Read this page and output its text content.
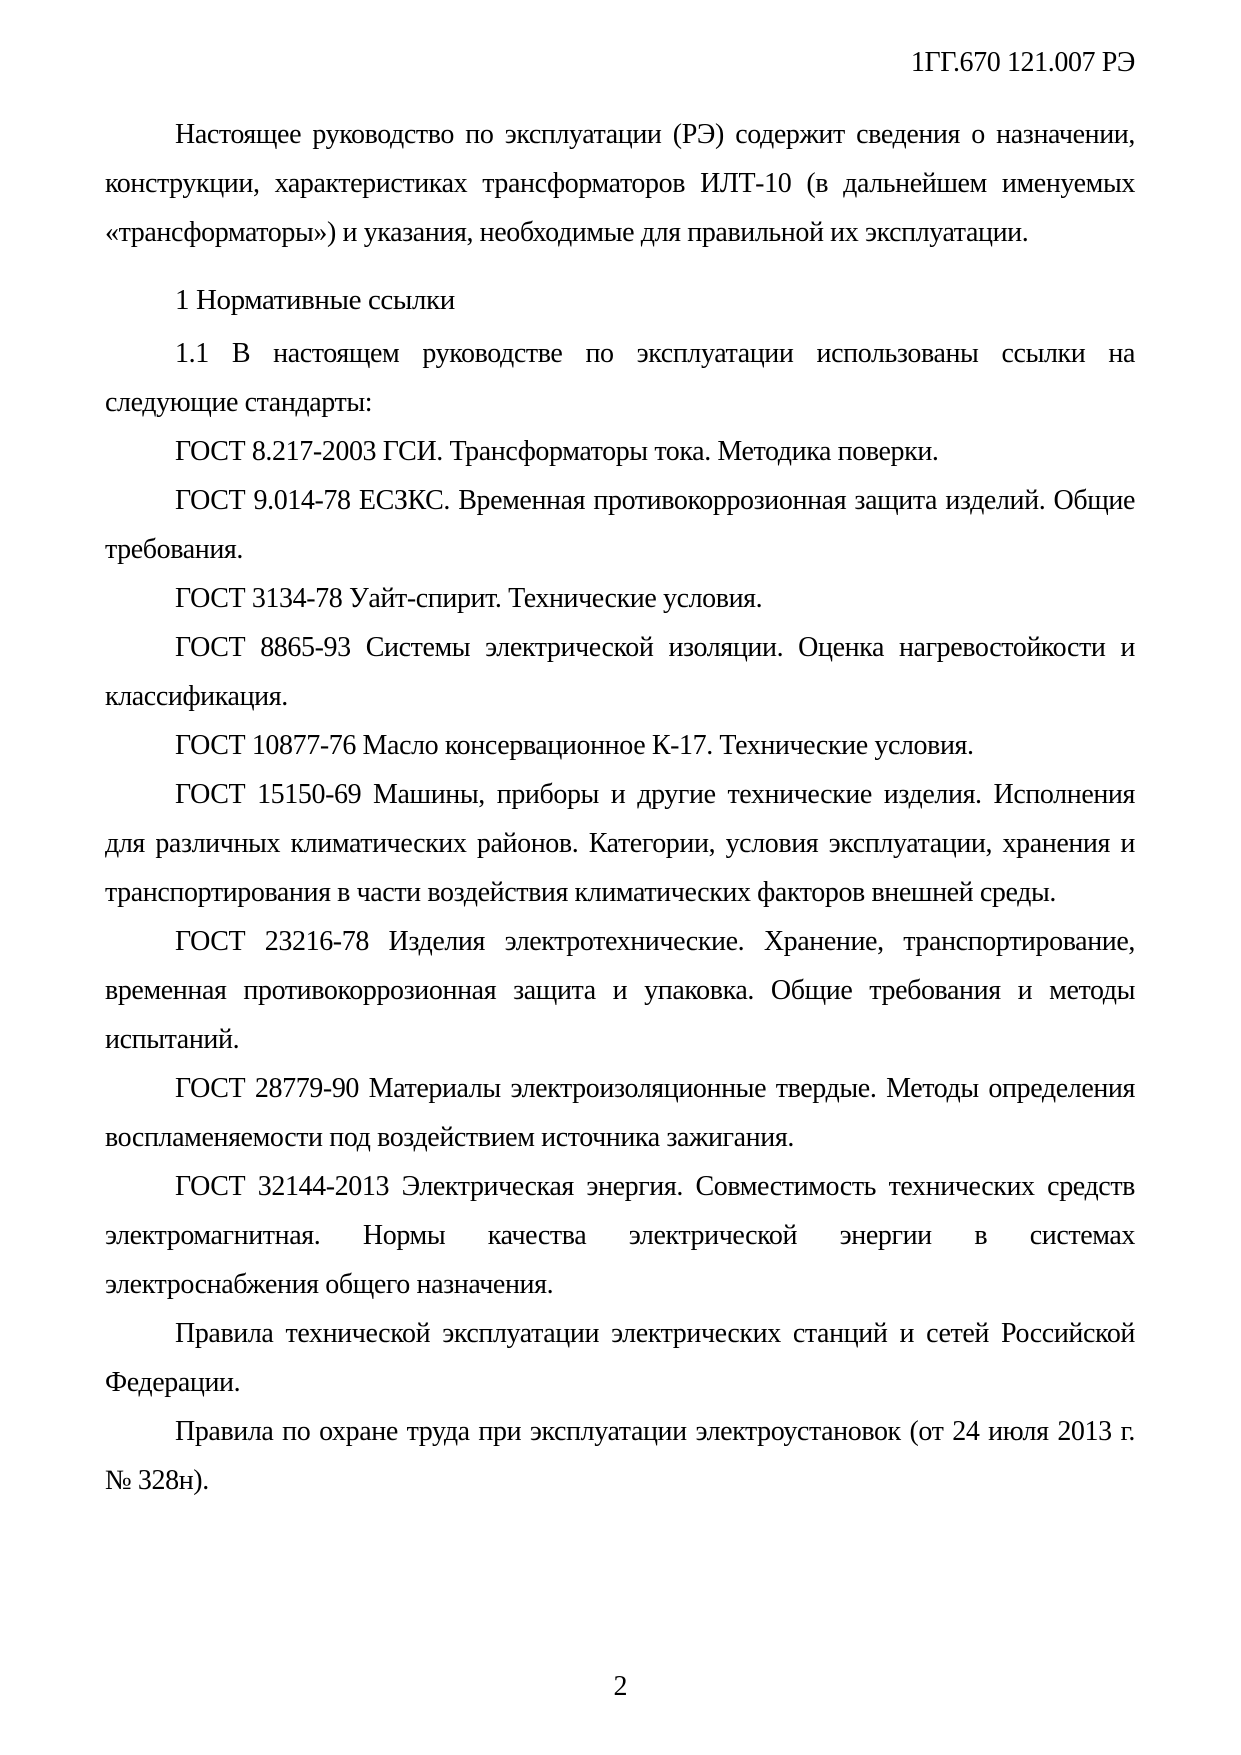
1ГГ.670 121.007 РЭ

Настоящее руководство по эксплуатации (РЭ) содержит сведения о назначении, конструкции, характеристиках трансформаторов ИЛТ-10 (в дальнейшем именуемых «трансформаторы») и указания, необходимые для правильной их эксплуатации.

1 Нормативные ссылки

1.1 В настоящем руководстве по эксплуатации использованы ссылки на следующие стандарты:

ГОСТ 8.217-2003 ГСИ. Трансформаторы тока. Методика поверки.

ГОСТ 9.014-78 ЕСЗКС. Временная противокоррозионная защита изделий. Общие требования.

ГОСТ 3134-78 Уайт-спирит. Технические условия.

ГОСТ 8865-93 Системы электрической изоляции. Оценка нагревостойкости и классификация.

ГОСТ 10877-76 Масло консервационное К-17. Технические условия.

ГОСТ 15150-69 Машины, приборы и другие технические изделия. Исполнения для различных климатических районов. Категории, условия эксплуатации, хранения и транспортирования в части воздействия климатических факторов внешней среды.

ГОСТ 23216-78 Изделия электротехнические. Хранение, транспортирование, временная противокоррозионная защита и упаковка. Общие требования и методы испытаний.

ГОСТ 28779-90 Материалы электроизоляционные твердые. Методы определения воспламеняемости под воздействием источника зажигания.

ГОСТ 32144-2013 Электрическая энергия. Совместимость технических средств электромагнитная. Нормы качества электрической энергии в системах электроснабжения общего назначения.

Правила технической эксплуатации электрических станций и сетей Российской Федерации.

Правила по охране труда при эксплуатации электроустановок (от 24 июля 2013 г. № 328н).

2
